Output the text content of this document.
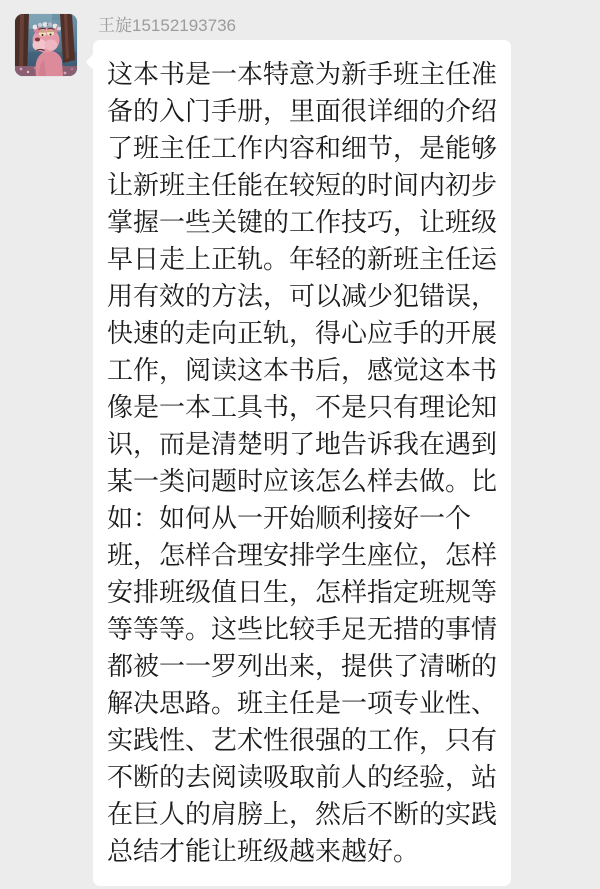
王旋15152193736
这本书是一本特意为新手班主任准备的入门手册，里面很详细的介绍了班主任工作内容和细节，是能够让新班主任能在较短的时间内初步掌握一些关键的工作技巧，让班级早日走上正轨。年轻的新班主任运用有效的方法，可以减少犯错误，快速的走向正轨，得心应手的开展工作，阅读这本书后，感觉这本书像是一本工具书，不是只有理论知识，而是清楚明了地告诉我在遇到某一类问题时应该怎么样去做。比如：如何从一开始顺利接好一个班，怎样合理安排学生座位，怎样安排班级值日生，怎样指定班规等等等等。这些比较手足无措的事情都被一一罗列出来，提供了清晰的解决思路。班主任是一项专业性、实践性、艺术性很强的工作，只有不断的去阅读吸取前人的经验，站在巨人的肩膀上，然后不断的实践总结才能让班级越来越好。
